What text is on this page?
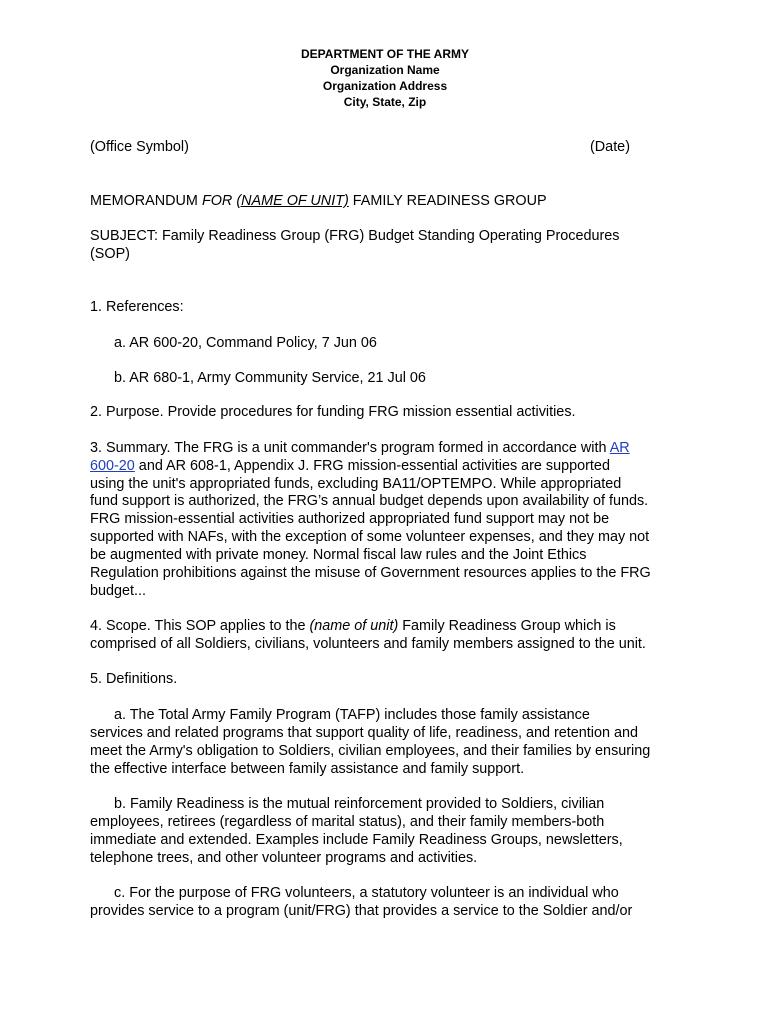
DEPARTMENT OF THE ARMY
Organization Name
Organization Address
City, State, Zip
(Office Symbol)	(Date)
MEMORANDUM FOR (NAME OF UNIT) FAMILY READINESS GROUP
SUBJECT: Family Readiness Group (FRG) Budget Standing Operating Procedures
(SOP)
1. References:
a. AR 600-20, Command Policy, 7 Jun 06
b. AR 680-1, Army Community Service, 21 Jul 06
2. Purpose. Provide procedures for funding FRG mission essential activities.
3. Summary. The FRG is a unit commander's program formed in accordance with AR
600-20 and AR 608-1, Appendix J. FRG mission-essential activities are supported
using the unit's appropriated funds, excluding BA11/OPTEMPO. While appropriated
fund support is authorized, the FRG’s annual budget depends upon availability of funds.
FRG mission-essential activities authorized appropriated fund support may not be
supported with NAFs, with the exception of some volunteer expenses, and they may not
be augmented with private money. Normal fiscal law rules and the Joint Ethics
Regulation prohibitions against the misuse of Government resources applies to the FRG
budget...
4. Scope. This SOP applies to the (name of unit) Family Readiness Group which is
comprised of all Soldiers, civilians, volunteers and family members assigned to the unit.
5. Definitions.
a. The Total Army Family Program (TAFP) includes those family assistance
services and related programs that support quality of life, readiness, and retention and
meet the Army's obligation to Soldiers, civilian employees, and their families by ensuring
the effective interface between family assistance and family support.
b. Family Readiness is the mutual reinforcement provided to Soldiers, civilian
employees, retirees (regardless of marital status), and their family members-both
immediate and extended. Examples include Family Readiness Groups, newsletters,
telephone trees, and other volunteer programs and activities.
c. For the purpose of FRG volunteers, a statutory volunteer is an individual who
provides service to a program (unit/FRG) that provides a service to the Soldier and/or
